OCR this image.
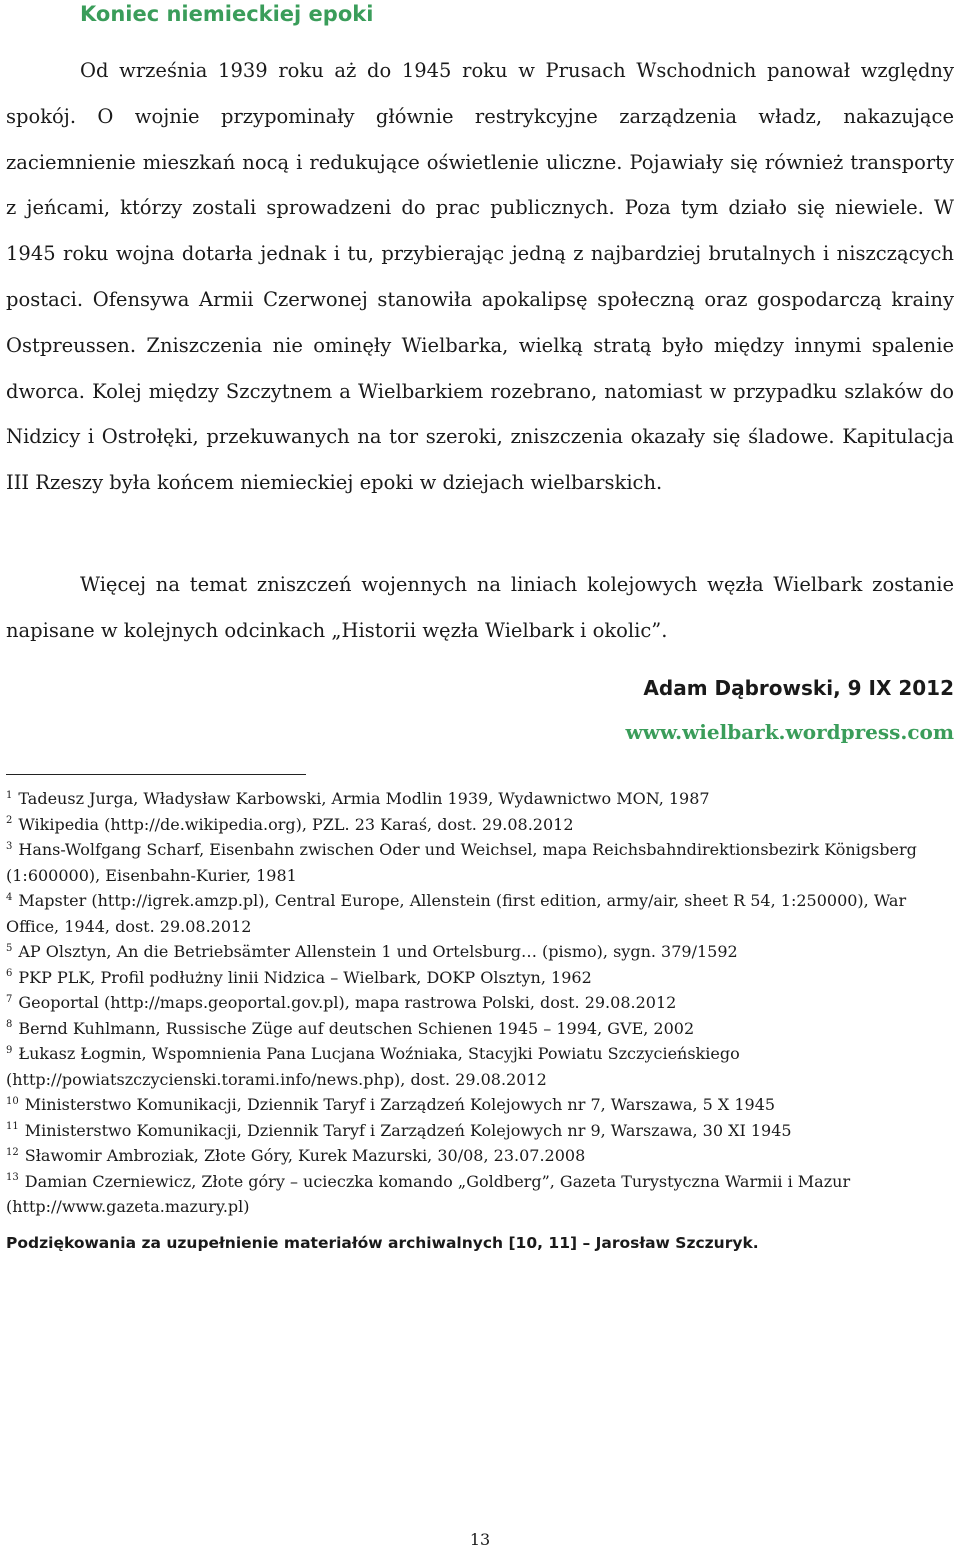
Koniec niemieckiej epoki

Od września 1939 roku aż do 1945 roku w Prusach Wschodnich panował względny spokój. O wojnie przypominały głównie restrykcyjne zarządzenia władz, nakazujące zaciemnienie mieszkań nocą i redukujące oświetlenie uliczne. Pojawiały się również transporty z jeńcami, którzy zostali sprowadzeni do prac publicznych. Poza tym działo się niewiele. W 1945 roku wojna dotarła jednak i tu, przybierając jedną z najbardziej brutalnych i niszczących postaci. Ofensywa Armii Czerwonej stanowiła apokalipsę społeczną oraz gospodarczą krainy Ostpreussen. Zniszczenia nie ominęły Wielbarka, wielką stratą było między innymi spalenie dworca. Kolej między Szczytnem a Wielbarkiem rozebrano, natomiast w przypadku szlaków do Nidzicy i Ostrołęki, przekuwanych na tor szeroki, zniszczenia okazały się śladowe. Kapitulacja III Rzeszy była końcem niemieckiej epoki w dziejach wielbarskich.

Więcej na temat zniszczeń wojennych na liniach kolejowych węzła Wielbark zostanie napisane w kolejnych odcinkach „Historii węzła Wielbark i okolic”.

Adam Dąbrowski, 9 IX 2012

www.wielbark.wordpress.com

$^1$ Tadeusz Jurga, Władysław Karbowski, Armia Modlin 1939, Wydawnictwo MON, 1987
$^2$ Wikipedia (http://de.wikipedia.org), PZL. 23 Karaś, dost. 29.08.2012
$^3$ Hans-Wolfgang Scharf, Eisenbahn zwischen Oder und Weichsel, mapa Reichsbahndirektionsbezirk Königsberg (1:600000), Eisenbahn-Kurier, 1981
$^4$ Mapster (http://igrek.amzp.pl), Central Europe, Allenstein (first edition, army/air, sheet R 54, 1:250000), War Office, 1944, dost. 29.08.2012
$^5$ AP Olsztyn, An die Betriebsämter Allenstein 1 und Ortelsburg… (pismo), sygn. 379/1592
$^6$ PKP PLK, Profil podłużny linii Nidzica – Wielbark, DOKP Olsztyn, 1962
$^7$ Geoportal (http://maps.geoportal.gov.pl), mapa rastrowa Polski, dost. 29.08.2012
$^8$ Bernd Kuhlmann, Russische Züge auf deutschen Schienen 1945 – 1994, GVE, 2002
$^9$ Łukasz Łogmin, Wspomnienia Pana Lucjana Woźniaka, Stacyjki Powiatu Szczycieńskiego (http://powiatszczycienski.torami.info/news.php), dost. 29.08.2012
$^{10}$ Ministerstwo Komunikacji, Dziennik Taryf i Zarządzeń Kolejowych nr 7, Warszawa, 5 X 1945
$^{11}$ Ministerstwo Komunikacji, Dziennik Taryf i Zarządzeń Kolejowych nr 9, Warszawa, 30 XI 1945
$^{12}$ Sławomir Ambroziak, Złote Góry, Kurek Mazurski, 30/08, 23.07.2008
$^{13}$ Damian Czerniewicz, Złote góry – ucieczka komando „Goldberg”, Gazeta Turystyczna Warmii i Mazur (http://www.gazeta.mazury.pl)

Podziękowania za uzupełnienie materiałów archiwalnych [10, 11] – Jarosław Szczuryk.

13
